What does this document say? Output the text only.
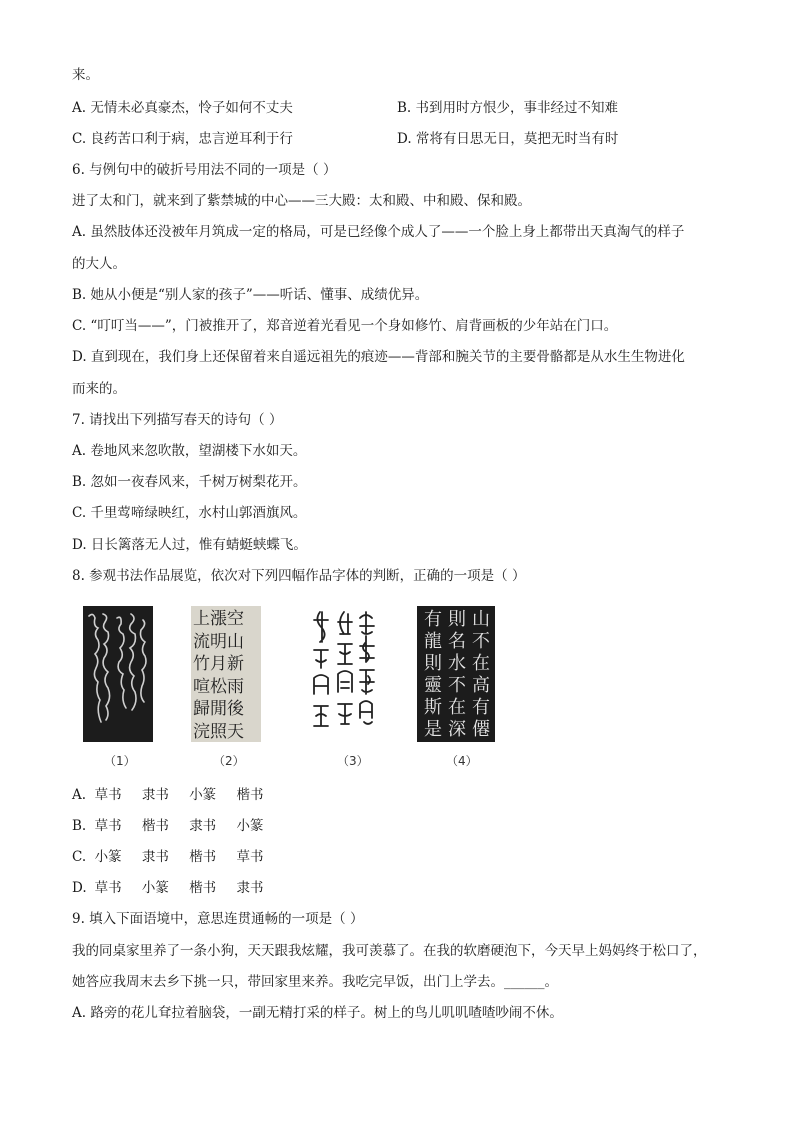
来。
A. 无情未必真豪杰，怜子如何不丈夫	B. 书到用时方恨少，事非经过不知难
C. 良药苦口利于病，忠言逆耳利于行	D. 常将有日思无日，莫把无时当有时
6. 与例句中的破折号用法不同的一项是（ ）
进了太和门，就来到了紫禁城的中心——三大殿：太和殿、中和殿、保和殿。
A. 虽然肢体还没被年月筑成一定的格局，可是已经像个成人了——一个脸上身上都带出天真淘气的样子
的大人。
B. 她从小便是“别人家的孩子”——听话、懂事、成绩优异。
C. “叮叮当——”，门被推开了，郑音逆着光看见一个身如修竹、肩背画板的少年站在门口。
D. 直到现在，我们身上还保留着来自遥远祖先的痕迹——背部和腕关节的主要骨骼都是从水生生物进化
而来的。
7. 请找出下列描写春天的诗句（ ）
A. 卷地风来忽吹散，望湖楼下水如天。
B. 忽如一夜春风来，千树万树梨花开。
C. 千里莺啼绿映红，水村山郭酒旗风。
D. 日长篱落无人过，惟有蜻蜓蛱蝶飞。
8. 参观书法作品展览，依次对下列四幅作品字体的判断，正确的一项是（ ）
（1）
上漲空
流明山
竹月新
喧松雨
歸閒後
浣照天
（2）	（3）
山
不
在
高
有
僊
則
名
水
不
在
深
有
龍
則
靈
斯
是
（4）
A. 草书 隶书 小篆 楷书
B. 草书 楷书 隶书 小篆
C. 小篆 隶书 楷书 草书
D. 草书 小篆 楷书 隶书
9. 填入下面语境中，意思连贯通畅的一项是（ ）
我的同桌家里养了一条小狗，天天跟我炫耀，我可羡慕了。在我的软磨硬泡下，今天早上妈妈终于松口了，
她答应我周末去乡下挑一只，带回家里来养。我吃完早饭，出门上学去。______。
A. 路旁的花儿耷拉着脑袋，一副无精打采的样子。树上的鸟儿叽叽喳喳吵闹不休。
